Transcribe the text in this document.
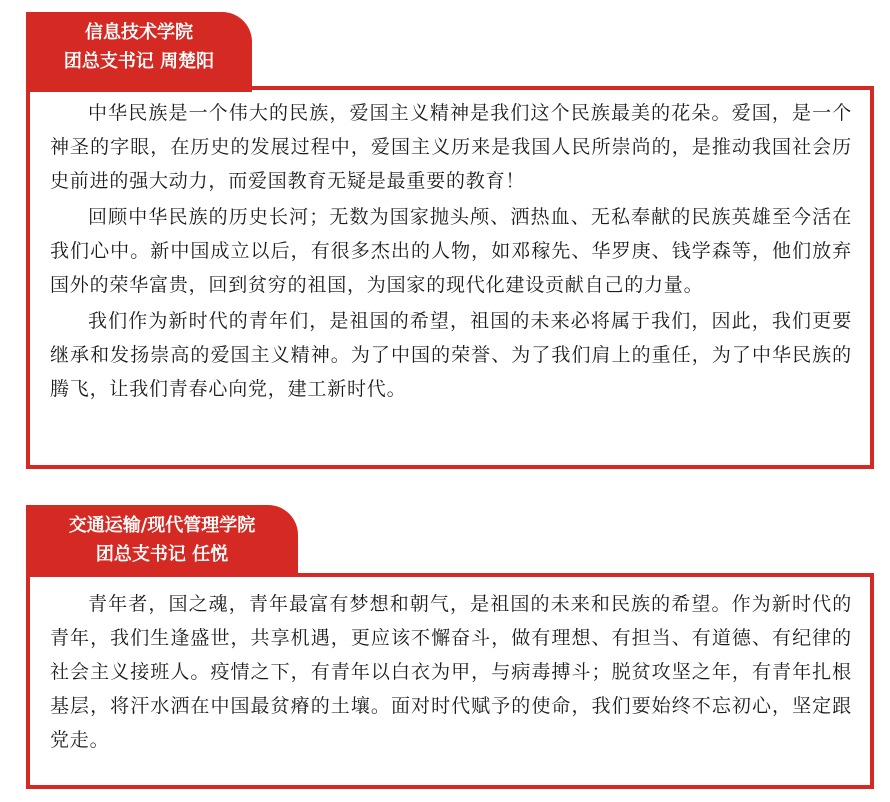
中华民族是一个伟大的民族，爱国主义精神是我们这个民族最美的花朵。爱国，是一个神圣的字眼，在历史的发展过程中，爱国主义历来是我国人民所崇尚的，是推动我国社会历史前进的强大动力，而爱国教育无疑是最重要的教育！

回顾中华民族的历史长河；无数为国家抛头颅、洒热血、无私奉献的民族英雄至今活在我们心中。新中国成立以后，有很多杰出的人物，如邓稼先、华罗庚、钱学森等，他们放弃国外的荣华富贵，回到贫穷的祖国，为国家的现代化建设贡献自己的力量。

我们作为新时代的青年们，是祖国的希望，祖国的未来必将属于我们，因此，我们更要继承和发扬崇高的爱国主义精神。为了中国的荣誉、为了我们肩上的重任，为了中华民族的腾飞，让我们青春心向党，建工新时代。

信息技术学院
团总支书记 周楚阳

青年者，国之魂，青年最富有梦想和朝气，是祖国的未来和民族的希望。作为新时代的青年，我们生逢盛世，共享机遇，更应该不懈奋斗，做有理想、有担当、有道德、有纪律的社会主义接班人。疫情之下，有青年以白衣为甲，与病毒搏斗；脱贫攻坚之年，有青年扎根基层，将汗水洒在中国最贫瘠的土壤。面对时代赋予的使命，我们要始终不忘初心，坚定跟党走。

交通运输/现代管理学院
团总支书记 任悦
